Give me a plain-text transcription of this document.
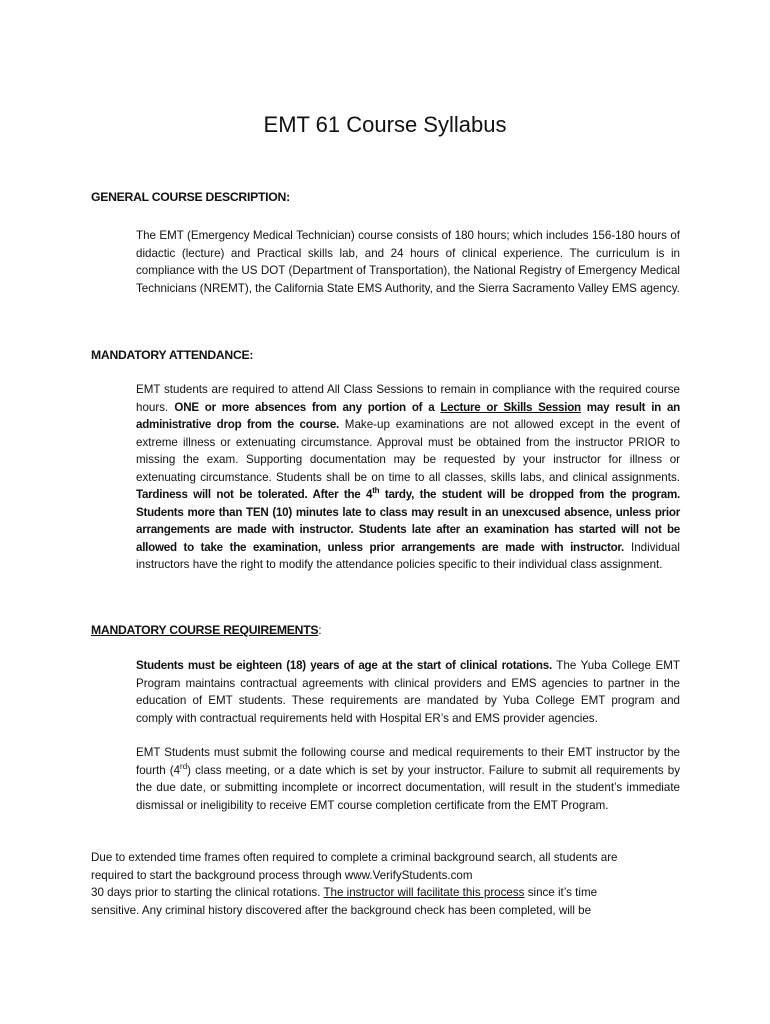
EMT 61 Course Syllabus
GENERAL COURSE DESCRIPTION:

The EMT (Emergency Medical Technician) course consists of 180 hours; which includes 156-180 hours of didactic (lecture) and Practical skills lab, and 24 hours of clinical experience. The curriculum is in compliance with the US DOT (Department of Transportation), the National Registry of Emergency Medical Technicians (NREMT), the California State EMS Authority, and the Sierra Sacramento Valley EMS agency.

MANDATORY ATTENDANCE:

EMT students are required to attend All Class Sessions to remain in compliance with the required course hours. ONE or more absences from any portion of a Lecture or Skills Session may result in an administrative drop from the course. Make-up examinations are not allowed except in the event of extreme illness or extenuating circumstance. Approval must be obtained from the instructor PRIOR to missing the exam. Supporting documentation may be requested by your instructor for illness or extenuating circumstance. Students shall be on time to all classes, skills labs, and clinical assignments. Tardiness will not be tolerated. After the 4th tardy, the student will be dropped from the program. Students more than TEN (10) minutes late to class may result in an unexcused absence, unless prior arrangements are made with instructor. Students late after an examination has started will not be allowed to take the examination, unless prior arrangements are made with instructor. Individual instructors have the right to modify the attendance policies specific to their individual class assignment.

MANDATORY COURSE REQUIREMENTS:

Students must be eighteen (18) years of age at the start of clinical rotations. The Yuba College EMT Program maintains contractual agreements with clinical providers and EMS agencies to partner in the education of EMT students. These requirements are mandated by Yuba College EMT program and comply with contractual requirements held with Hospital ER’s and EMS provider agencies.

EMT Students must submit the following course and medical requirements to their EMT instructor by the fourth (4rd) class meeting, or a date which is set by your instructor. Failure to submit all requirements by the due date, or submitting incomplete or incorrect documentation, will result in the student’s immediate dismissal or ineligibility to receive EMT course completion certificate from the EMT Program.

Due to extended time frames often required to complete a criminal background search, all students are

required to start the background process through www.VerifyStudents.com

30 days prior to starting the clinical rotations. The instructor will facilitate this process since it’s time

sensitive. Any criminal history discovered after the background check has been completed, will be
